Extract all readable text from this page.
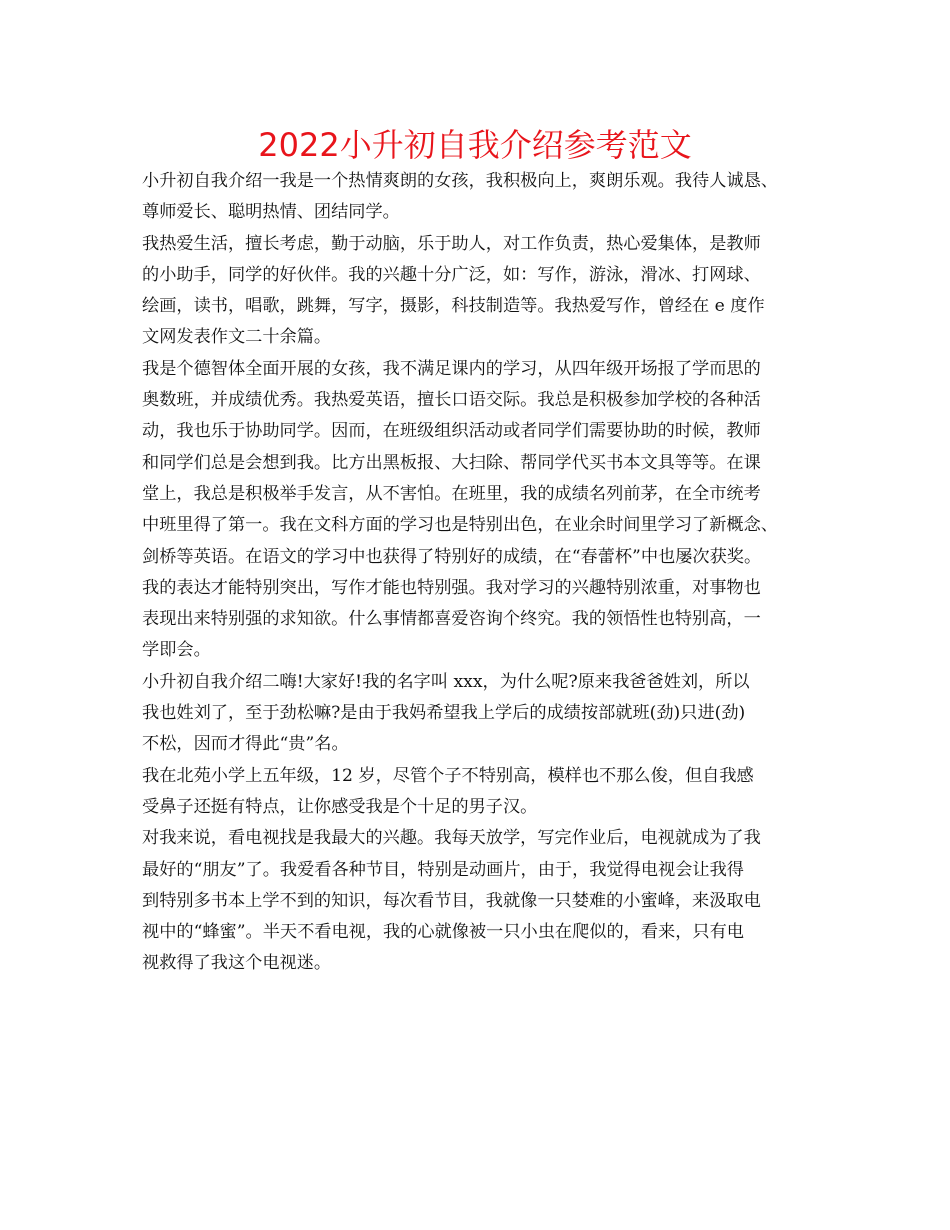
2022小升初自我介绍参考范文
小升初自我介绍一我是一个热情爽朗的女孩，我积极向上，爽朗乐观。我待人诚恳、
尊师爱长、聪明热情、团结同学。
我热爱生活，擅长考虑，勤于动脑，乐于助人，对工作负责，热心爱集体，是教师
的小助手，同学的好伙伴。我的兴趣十分广泛，如：写作，游泳，滑冰、打网球、
绘画，读书，唱歌，跳舞，写字，摄影，科技制造等。我热爱写作，曾经在 e 度作
文网发表作文二十余篇。
我是个德智体全面开展的女孩，我不满足课内的学习，从四年级开场报了学而思的
奥数班，并成绩优秀。我热爱英语，擅长口语交际。我总是积极参加学校的各种活
动，我也乐于协助同学。因而，在班级组织活动或者同学们需要协助的时候，教师
和同学们总是会想到我。比方出黑板报、大扫除、帮同学代买书本文具等等。在课
堂上，我总是积极举手发言，从不害怕。在班里，我的成绩名列前茅，在全市统考
中班里得了第一。我在文科方面的学习也是特别出色，在业余时间里学习了新概念、
剑桥等英语。在语文的学习中也获得了特别好的成绩，在“春蕾杯”中也屡次获奖。
我的表达才能特别突出，写作才能也特别强。我对学习的兴趣特别浓重，对事物也
表现出来特别强的求知欲。什么事情都喜爱咨询个终究。我的领悟性也特别高，一
学即会。
小升初自我介绍二嗨!大家好!我的名字叫 xxx，为什么呢?原来我爸爸姓刘，所以
我也姓刘了，至于劲松嘛?是由于我妈希望我上学后的成绩按部就班(劲)只进(劲)
不松，因而才得此“贵”名。
我在北苑小学上五年级，12 岁，尽管个子不特别高，模样也不那么俊，但自我感
受鼻子还挺有特点，让你感受我是个十足的男子汉。
对我来说，看电视找是我最大的兴趣。我每天放学，写完作业后，电视就成为了我
最好的“朋友”了。我爱看各种节目，特别是动画片，由于，我觉得电视会让我得
到特别多书本上学不到的知识，每次看节目，我就像一只婪难的小蜜峰，来汲取电
视中的“蜂蜜”。半天不看电视，我的心就像被一只小虫在爬似的，看来，只有电
视救得了我这个电视迷。
